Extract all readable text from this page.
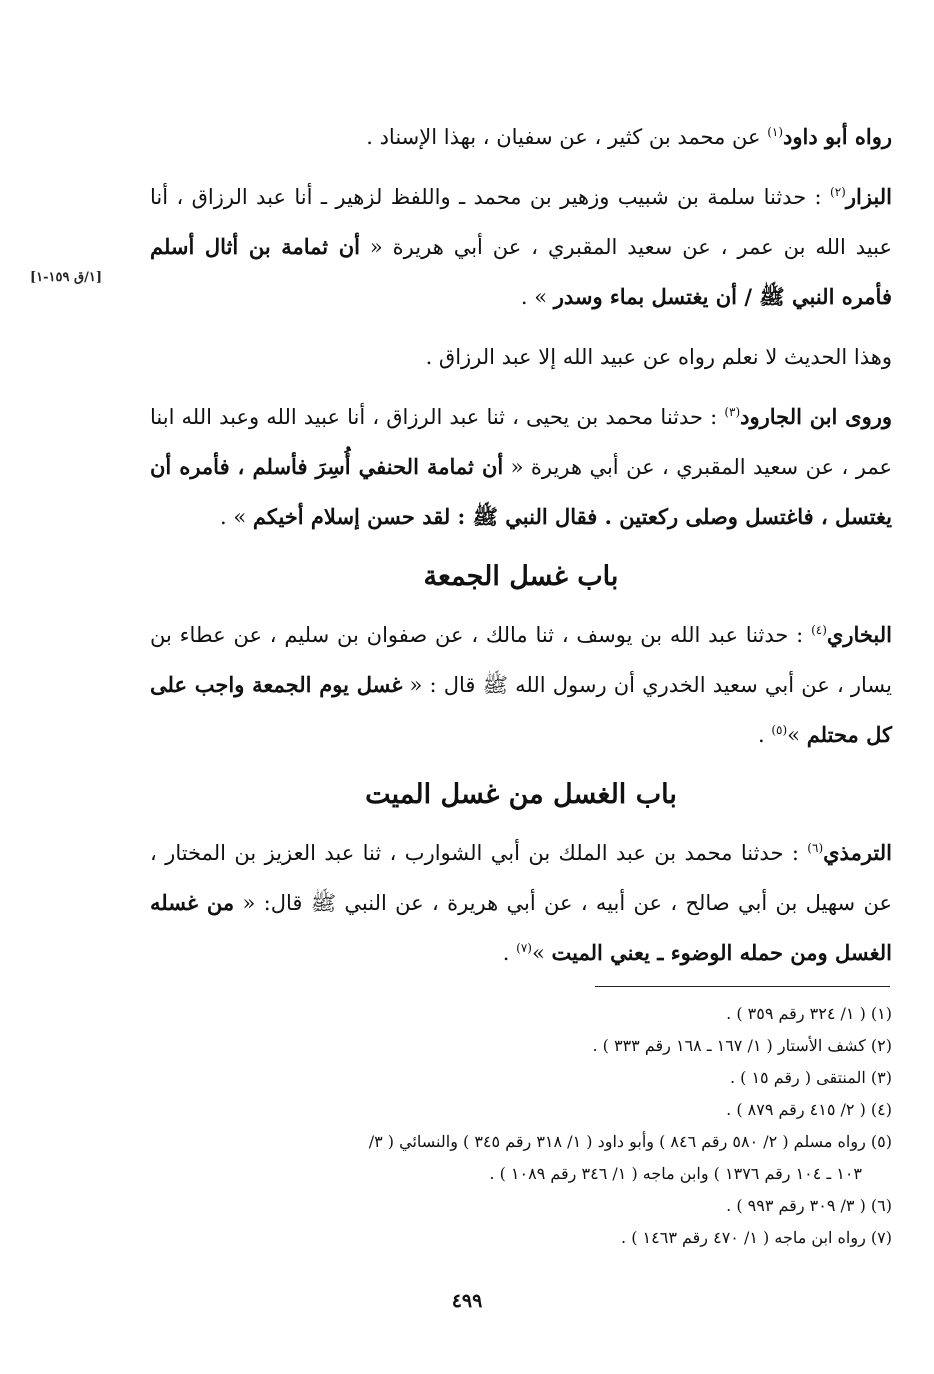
[١/ق ١٥٩-١]

رواه أبو داود$^{(١)}$ عن محمد بن كثير ، عن سفيان ، بهذا الإسناد .

البزار$^{(٢)}$ : حدثنا سلمة بن شبيب وزهير بن محمد ـ واللفظ لزهير ـ أنا عبد الرزاق ، أنا عبيد الله بن عمر ، عن سعيد المقبري ، عن أبي هريرة « أن ثمامة بن أثال أسلم فأمره النبي ﷺ / أن يغتسل بماء وسدر » .

وهذا الحديث لا نعلم رواه عن عبيد الله إلا عبد الرزاق .

وروى ابن الجارود$^{(٣)}$ : حدثنا محمد بن يحيى ، ثنا عبد الرزاق ، أنا عبيد الله وعبد الله ابنا عمر ، عن سعيد المقبري ، عن أبي هريرة « أن ثمامة الحنفي أُسِرَ فأسلم ، فأمره أن يغتسل ، فاغتسل وصلى ركعتين . فقال النبي ﷺ : لقد حسن إسلام أخيكم » .

باب غسل الجمعة

البخاري$^{(٤)}$ : حدثنا عبد الله بن يوسف ، ثنا مالك ، عن صفوان بن سليم ، عن عطاء بن يسار ، عن أبي سعيد الخدري أن رسول الله ﷺ قال : « غسل يوم الجمعة واجب على كل محتلم »$^{(٥)}$ .

باب الغسل من غسل الميت

الترمذي$^{(٦)}$ : حدثنا محمد بن عبد الملك بن أبي الشوارب ، ثنا عبد العزيز بن المختار ، عن سهيل بن أبي صالح ، عن أبيه ، عن أبي هريرة ، عن النبي ﷺ قال: « من غسله الغسل ومن حمله الوضوء ـ يعني الميت »$^{(٧)}$ .

(١) ( ١/ ٣٢٤ رقم ٣٥٩ ) .

(٢) كشف الأستار ( ١/ ١٦٧ ـ ١٦٨ رقم ٣٣٣ ) .

(٣) المنتقى ( رقم ١٥ ) .

(٤) ( ٢/ ٤١٥ رقم ٨٧٩ ) .

(٥) رواه مسلم ( ٢/ ٥٨٠ رقم ٨٤٦ ) وأبو داود ( ١/ ٣١٨ رقم ٣٤٥ ) والنسائي ( ٣/

١٠٣ ـ ١٠٤ رقم ١٣٧٦ ) وابن ماجه ( ١/ ٣٤٦ رقم ١٠٨٩ ) .

(٦) ( ٣/ ٣٠٩ رقم ٩٩٣ ) .

(٧) رواه ابن ماجه ( ١/ ٤٧٠ رقم ١٤٦٣ ) .

٤٩٩
